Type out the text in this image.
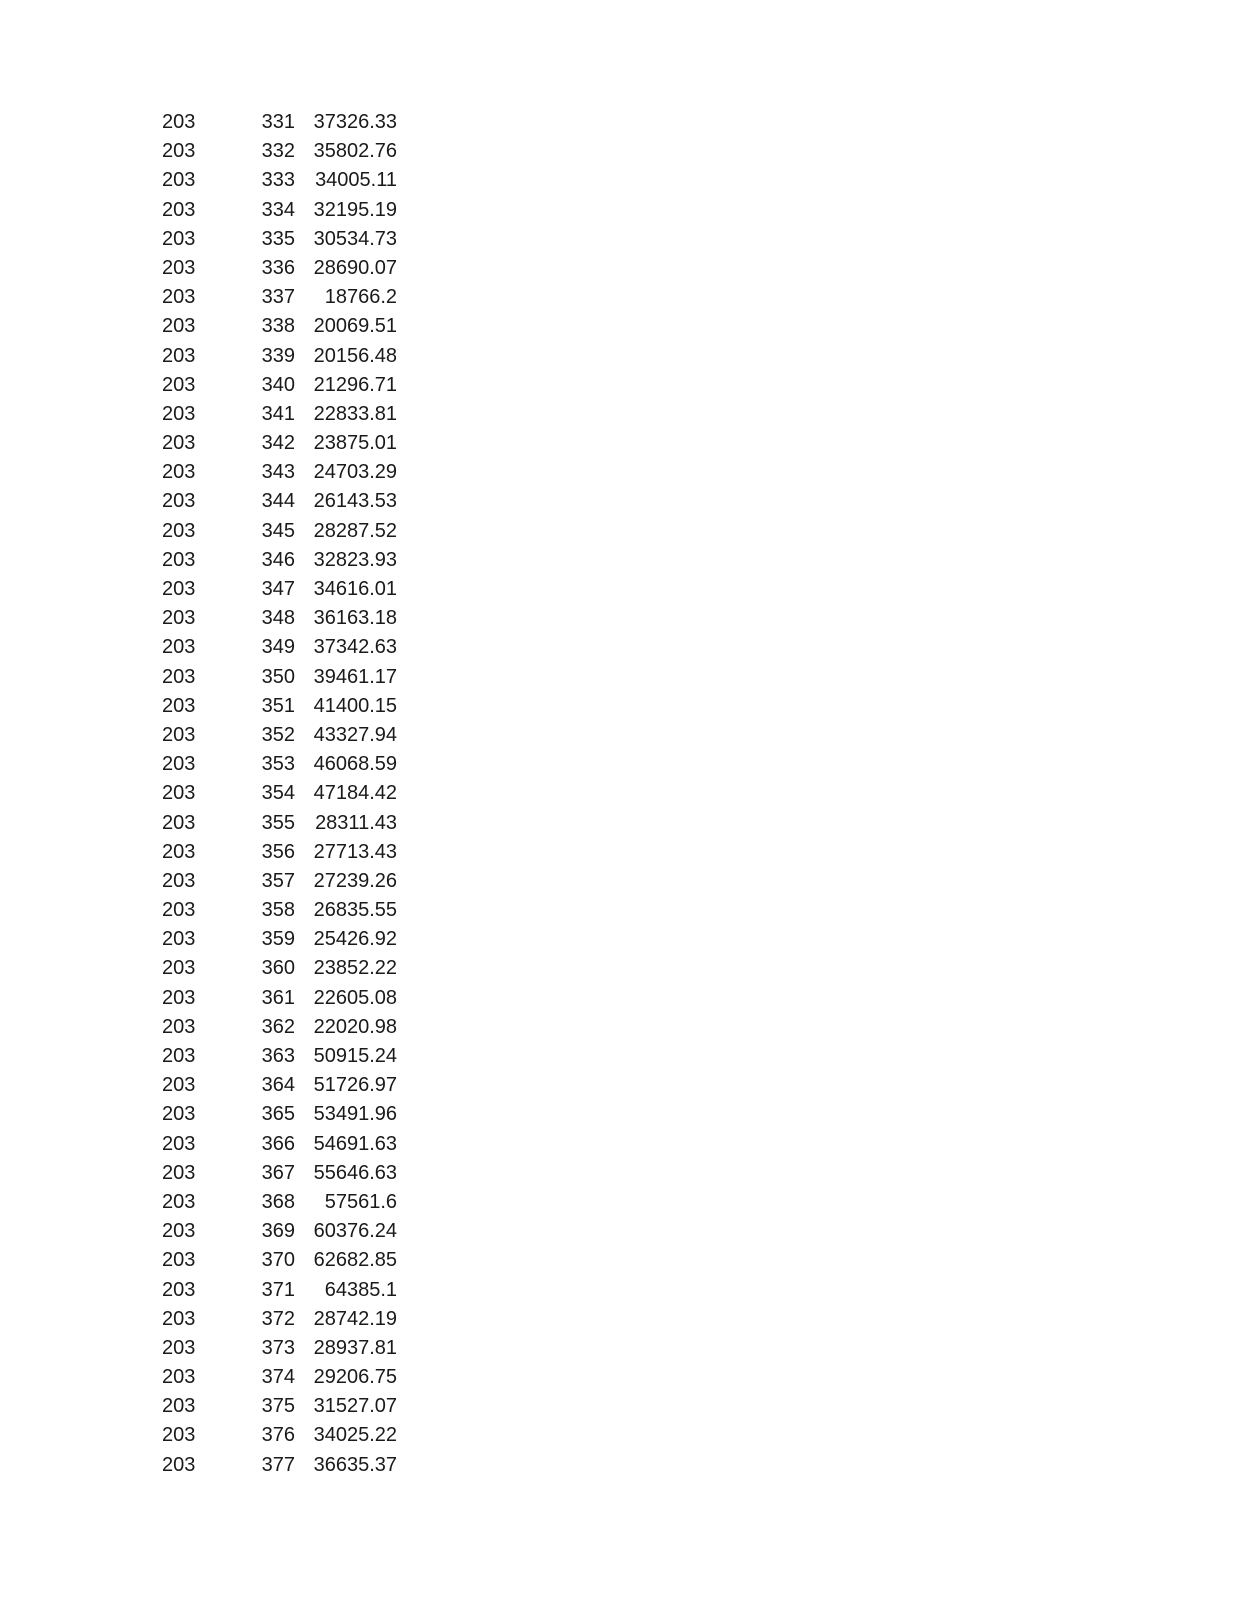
203	331 37326.33
203	332 35802.76
203	333	34005.11
203	334 32195.19
203	335 30534.73
203	336 28690.07
203	337	18766.2
203	338 20069.51
203	339 20156.48
203	340 21296.71
203	341 22833.81
203	342 23875.01
203	343 24703.29
203	344 26143.53
203	345 28287.52
203	346 32823.93
203	347 34616.01
203	348 36163.18
203	349 37342.63
203	350 39461.17
203	351 41400.15
203	352 43327.94
203	353 46068.59
203	354 47184.42
203	355	28311.43
203	356 27713.43
203	357 27239.26
203	358 26835.55
203	359 25426.92
203	360 23852.22
203	361 22605.08
203	362 22020.98
203	363 50915.24
203	364 51726.97
203	365 53491.96
203	366 54691.63
203	367 55646.63
203	368	57561.6
203	369 60376.24
203	370 62682.85
203	371	64385.1
203	372 28742.19
203	373 28937.81
203	374 29206.75
203	375 31527.07
203	376 34025.22
203	377 36635.37
